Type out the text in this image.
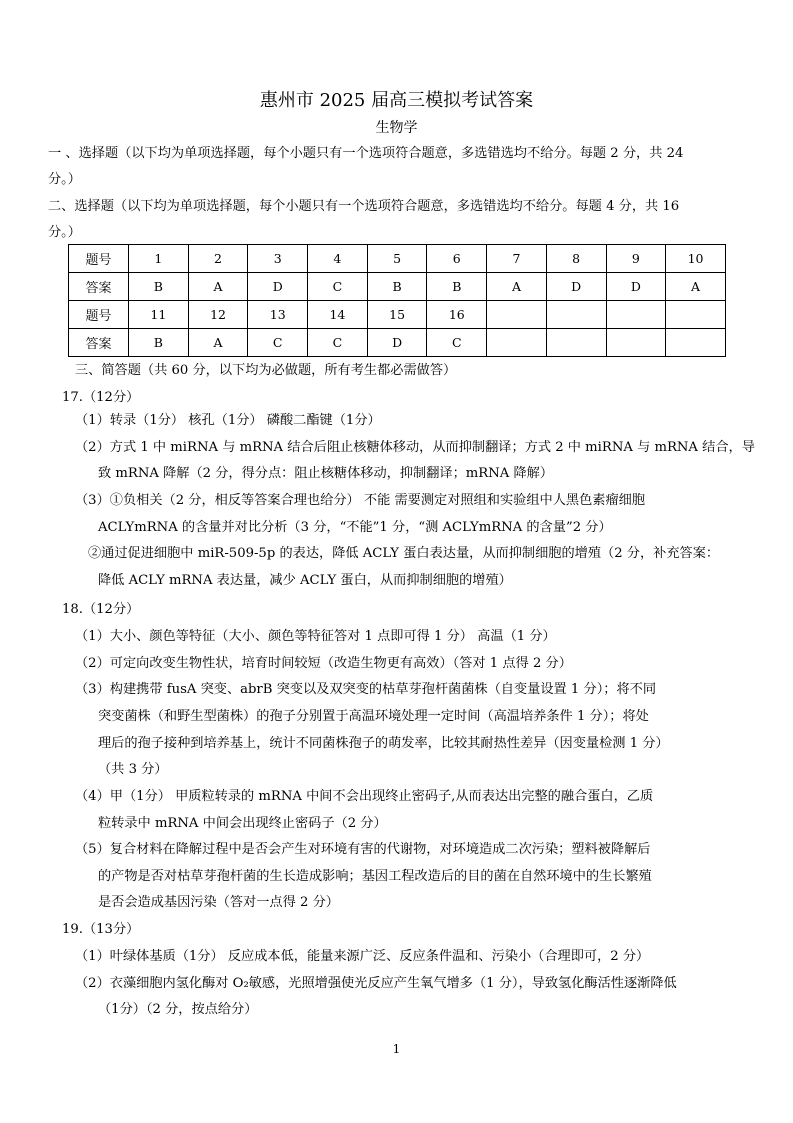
惠州市 2025 届高三模拟考试答案
生物学
一 、选择题（以下均为单项选择题，每个小题只有一个选项符合题意，多选错选均不给分。每题 2 分，共 24
分。）
二、选择题（以下均为单项选择题，每个小题只有一个选项符合题意，多选错选均不给分。每题 4 分，共 16
分。）
题号	1	2	3	4	5	6	7	8	9	10
答案	B	A	D	C	B	B	A	D	D	A
题号	11	12	13	14	15	16				
答案	B	A	C	C	D	C				
三、简答题（共 60 分，以下均为必做题，所有考生都必需做答）
17.（12分）
（1）转录（1分） 核孔（1分） 磷酸二酯键（1分）
（2）方式 1 中 miRNA 与 mRNA 结合后阻止核糖体移动，从而抑制翻译；方式 2 中 miRNA 与 mRNA 结合，导
致 mRNA 降解（2 分，得分点：阻止核糖体移动，抑制翻译；mRNA 降解）
（3）①负相关（2 分，相反等答案合理也给分） 不能 需要测定对照组和实验组中人黑色素瘤细胞
ACLYmRNA 的含量并对比分析（3 分，“不能”1 分，“测 ACLYmRNA 的含量”2 分）
②通过促进细胞中 miR-509-5p 的表达，降低 ACLY 蛋白表达量，从而抑制细胞的增殖（2 分，补充答案：
降低 ACLY mRNA 表达量，减少 ACLY 蛋白，从而抑制细胞的增殖）
18.（12分）
（1）大小、颜色等特征（大小、颜色等特征答对 1 点即可得 1 分） 高温（1 分）
（2）可定向改变生物性状，培育时间较短（改造生物更有高效）（答对 1 点得 2 分）
（3）构建携带 fusA 突变、abrB 突变以及双突变的枯草芽孢杆菌菌株（自变量设置 1 分）；将不同
突变菌株（和野生型菌株）的孢子分别置于高温环境处理一定时间（高温培养条件 1 分）；将处
理后的孢子接种到培养基上，统计不同菌株孢子的萌发率，比较其耐热性差异（因变量检测 1 分）
（共 3 分）
（4）甲（1分） 甲质粒转录的 mRNA 中间不会出现终止密码子,从而表达出完整的融合蛋白，乙质
粒转录中 mRNA 中间会出现终止密码子（2 分）
（5）复合材料在降解过程中是否会产生对环境有害的代谢物，对环境造成二次污染；塑料被降解后
的产物是否对枯草芽孢杆菌的生长造成影响；基因工程改造后的目的菌在自然环境中的生长繁殖
是否会造成基因污染（答对一点得 2 分）
19.（13分）
（1）叶绿体基质（1分） 反应成本低，能量来源广泛、反应条件温和、污染小（合理即可，2 分）
（2）衣藻细胞内氢化酶对 O₂敏感，光照增强使光反应产生氧气增多（1 分），导致氢化酶活性逐渐降低
（1分）（2 分，按点给分）
1
